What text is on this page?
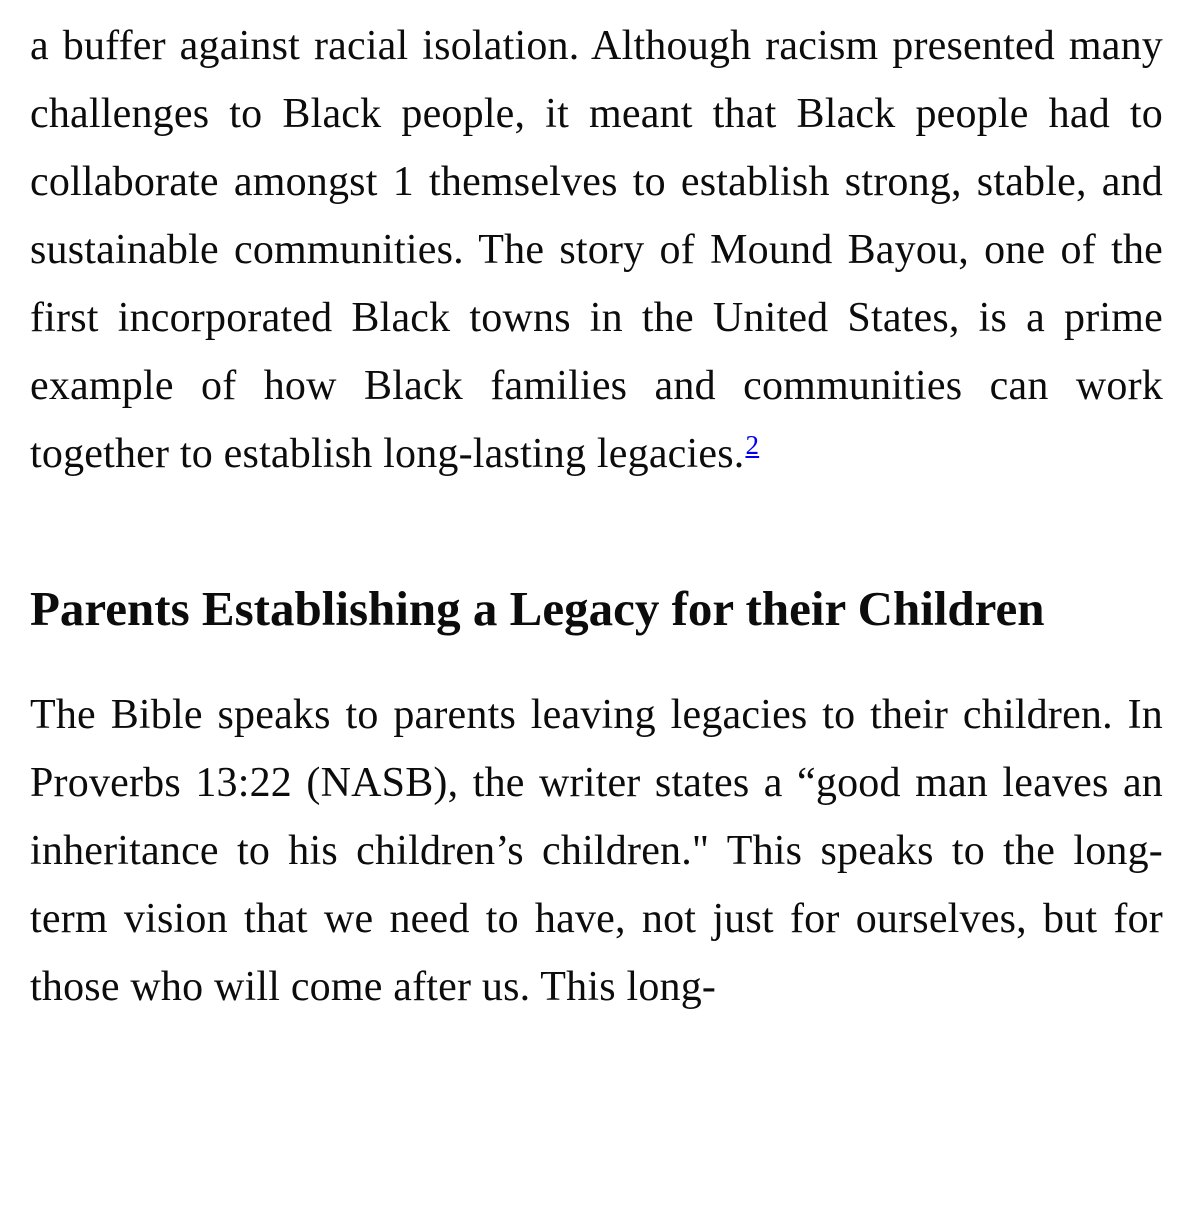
a buffer against racial isolation. Although racism presented many challenges to Black people, it meant that Black people had to collaborate amongst 1 themselves to establish strong, stable, and sustainable communities. The story of Mound Bayou, one of the first incorporated Black towns in the United States, is a prime example of how Black families and communities can work together to establish long-lasting legacies.$^2$

Parents Establishing a Legacy for their Children

The Bible speaks to parents leaving legacies to their children. In Proverbs 13:22 (NASB), the writer states a “good man leaves an inheritance to his children’s children." This speaks to the long-term vision that we need to have, not just for ourselves, but for those who will come after us. This long-
